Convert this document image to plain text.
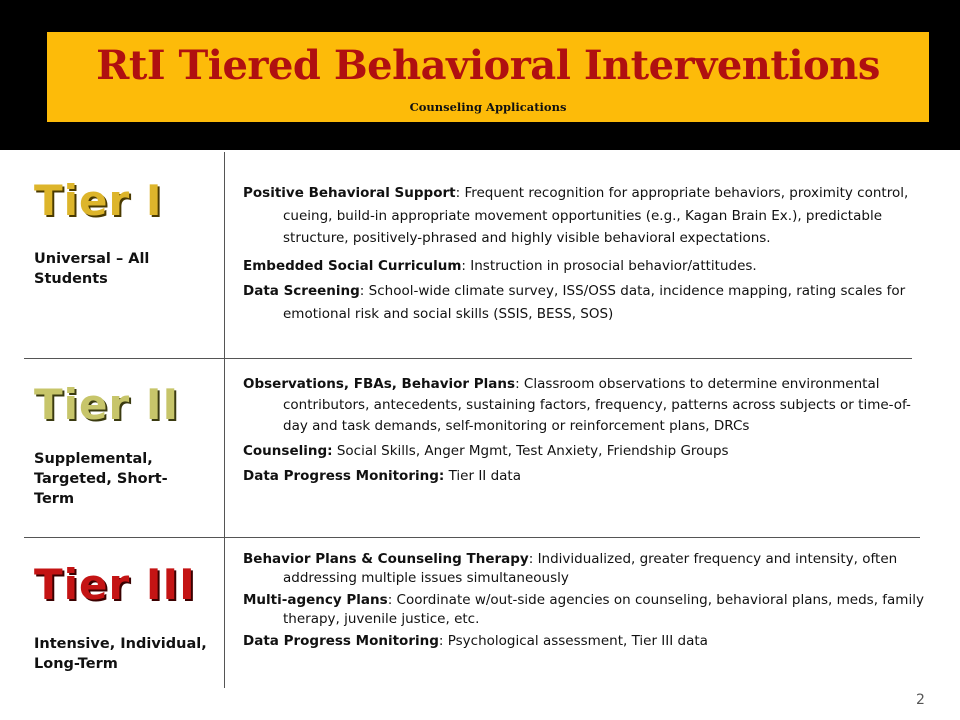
RtI Tiered Behavioral Interventions
Counseling Applications
Tier I
Universal – All Students

Positive Behavioral Support: Frequent recognition for appropriate behaviors, proximity control, cueing, build-in appropriate movement opportunities (e.g., Kagan Brain Ex.), predictable structure, positively-phrased and highly visible behavioral expectations.

Embedded Social Curriculum: Instruction in prosocial behavior/attitudes.

Data Screening: School-wide climate survey, ISS/OSS data, incidence mapping, rating scales for emotional risk and social skills (SSIS, BESS, SOS)

Tier II
Supplemental, Targeted, Short-Term

Observations, FBAs, Behavior Plans: Classroom observations to determine environmental contributors, antecedents, sustaining factors, frequency, patterns across subjects or time-of-day and task demands, self-monitoring or reinforcement plans, DRCs

Counseling: Social Skills, Anger Mgmt, Test Anxiety, Friendship Groups

Data Progress Monitoring: Tier II data

Tier III
Intensive, Individual, Long-Term

Behavior Plans & Counseling Therapy: Individualized, greater frequency and intensity, often addressing multiple issues simultaneously

Multi-agency Plans: Coordinate w/out-side agencies on counseling, behavioral plans, meds, family therapy, juvenile justice, etc.

Data Progress Monitoring: Psychological assessment, Tier III data

2
